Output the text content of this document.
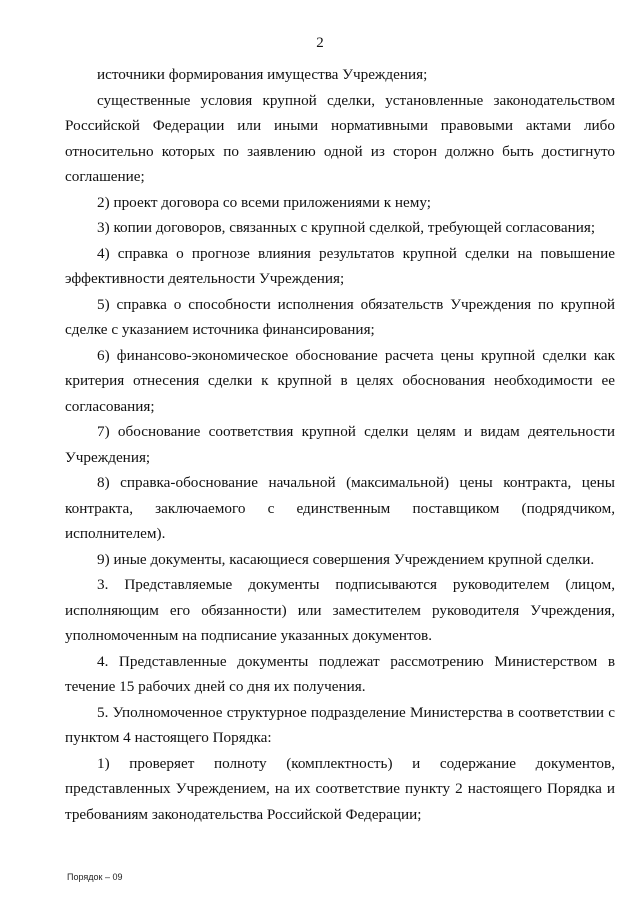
2

источники формирования имущества Учреждения;

существенные условия крупной сделки, установленные законодательством Российской Федерации или иными нормативными правовыми актами либо относительно которых по заявлению одной из сторон должно быть достигнуто соглашение;

2) проект договора со всеми приложениями к нему;

3) копии договоров, связанных с крупной сделкой, требующей согласования;

4) справка о прогнозе влияния результатов крупной сделки на повышение эффективности деятельности Учреждения;

5) справка о способности исполнения обязательств Учреждения по крупной сделке с указанием источника финансирования;

6) финансово-экономическое обоснование расчета цены крупной сделки как критерия отнесения сделки к крупной в целях обоснования необходимости ее согласования;

7) обоснование соответствия крупной сделки целям и видам деятельности Учреждения;

8) справка-обоснование начальной (максимальной) цены контракта, цены контракта, заключаемого с единственным поставщиком (подрядчиком, исполнителем).

9) иные документы, касающиеся совершения Учреждением крупной сделки.

3. Представляемые документы подписываются руководителем (лицом, исполняющим его обязанности) или заместителем руководителя Учреждения, уполномоченным на подписание указанных документов.

4. Представленные документы подлежат рассмотрению Министерством в течение 15 рабочих дней со дня их получения.

5. Уполномоченное структурное подразделение Министерства в соответствии с пунктом 4 настоящего Порядка:

1) проверяет полноту (комплектность) и содержание документов, представленных Учреждением, на их соответствие пункту 2 настоящего Порядка и требованиям законодательства Российской Федерации;

Порядок – 09
